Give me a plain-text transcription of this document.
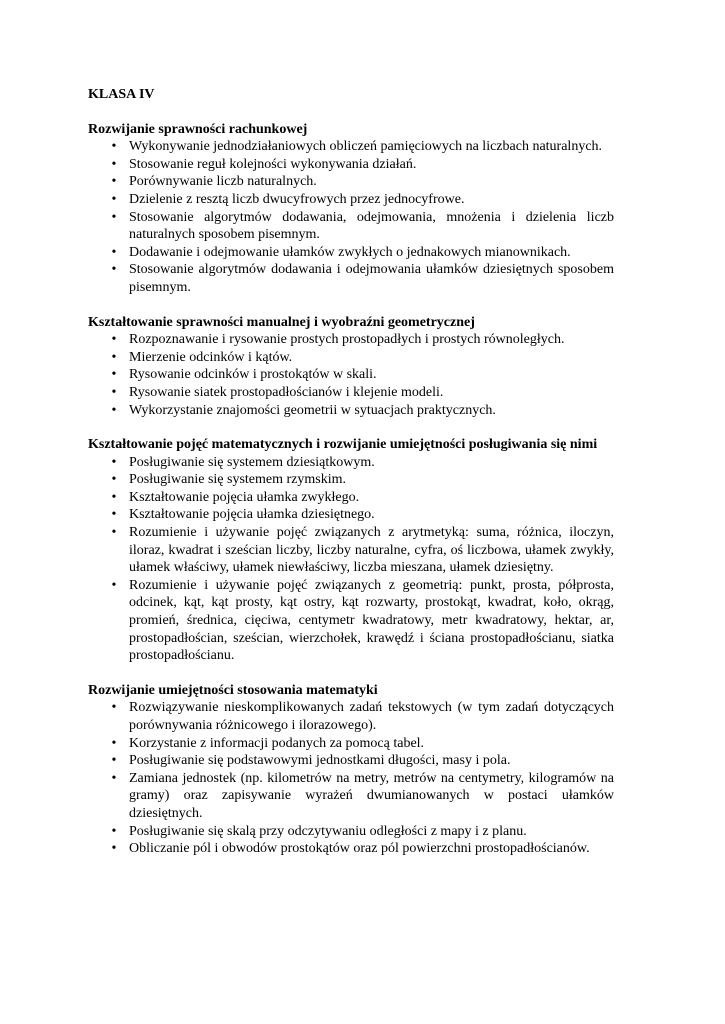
KLASA IV

Rozwijanie sprawności rachunkowej

• Wykonywanie jednodziałaniowych obliczeń pamięciowych na liczbach naturalnych.
• Stosowanie reguł kolejności wykonywania działań.
• Porównywanie liczb naturalnych.
• Dzielenie z resztą liczb dwucyfrowych przez jednocyfrowe.
• Stosowanie algorytmów dodawania, odejmowania, mnożenia i dzielenia liczb naturalnych sposobem pisemnym.
• Dodawanie i odejmowanie ułamków zwykłych o jednakowych mianownikach.
• Stosowanie algorytmów dodawania i odejmowania ułamków dziesiętnych sposobem pisemnym.

Kształtowanie sprawności manualnej i wyobraźni geometrycznej

• Rozpoznawanie i rysowanie prostych prostopadłych i prostych równoległych.
• Mierzenie odcinków i kątów.
• Rysowanie odcinków i prostokątów w skali.
• Rysowanie siatek prostopadłościanów i klejenie modeli.
• Wykorzystanie znajomości geometrii w sytuacjach praktycznych.

Kształtowanie pojęć matematycznych i rozwijanie umiejętności posługiwania się nimi

• Posługiwanie się systemem dziesiątkowym.
• Posługiwanie się systemem rzymskim.
• Kształtowanie pojęcia ułamka zwykłego.
• Kształtowanie pojęcia ułamka dziesiętnego.
• Rozumienie i używanie pojęć związanych z arytmetyką: suma, różnica, iloczyn, iloraz, kwadrat i sześcian liczby, liczby naturalne, cyfra, oś liczbowa, ułamek zwykły, ułamek właściwy, ułamek niewłaściwy, liczba mieszana, ułamek dziesiętny.
• Rozumienie i używanie pojęć związanych z geometrią: punkt, prosta, półprosta, odcinek, kąt, kąt prosty, kąt ostry, kąt rozwarty, prostokąt, kwadrat, koło, okrąg, promień, średnica, cięciwa, centymetr kwadratowy, metr kwadratowy, hektar, ar, prostopadłościan, sześcian, wierzchołek, krawędź i ściana prostopadłościanu, siatka prostopadłościanu.

Rozwijanie umiejętności stosowania matematyki

• Rozwiązywanie nieskomplikowanych zadań tekstowych (w tym zadań dotyczących porównywania różnicowego i ilorazowego).
• Korzystanie z informacji podanych za pomocą tabel.
• Posługiwanie się podstawowymi jednostkami długości, masy i pola.
• Zamiana jednostek (np. kilometrów na metry, metrów na centymetry, kilogramów na gramy) oraz zapisywanie wyrażeń dwumianowanych w postaci ułamków dziesiętnych.
• Posługiwanie się skalą przy odczytywaniu odległości z mapy i z planu.
• Obliczanie pól i obwodów prostokątów oraz pól powierzchni prostopadłościanów.
